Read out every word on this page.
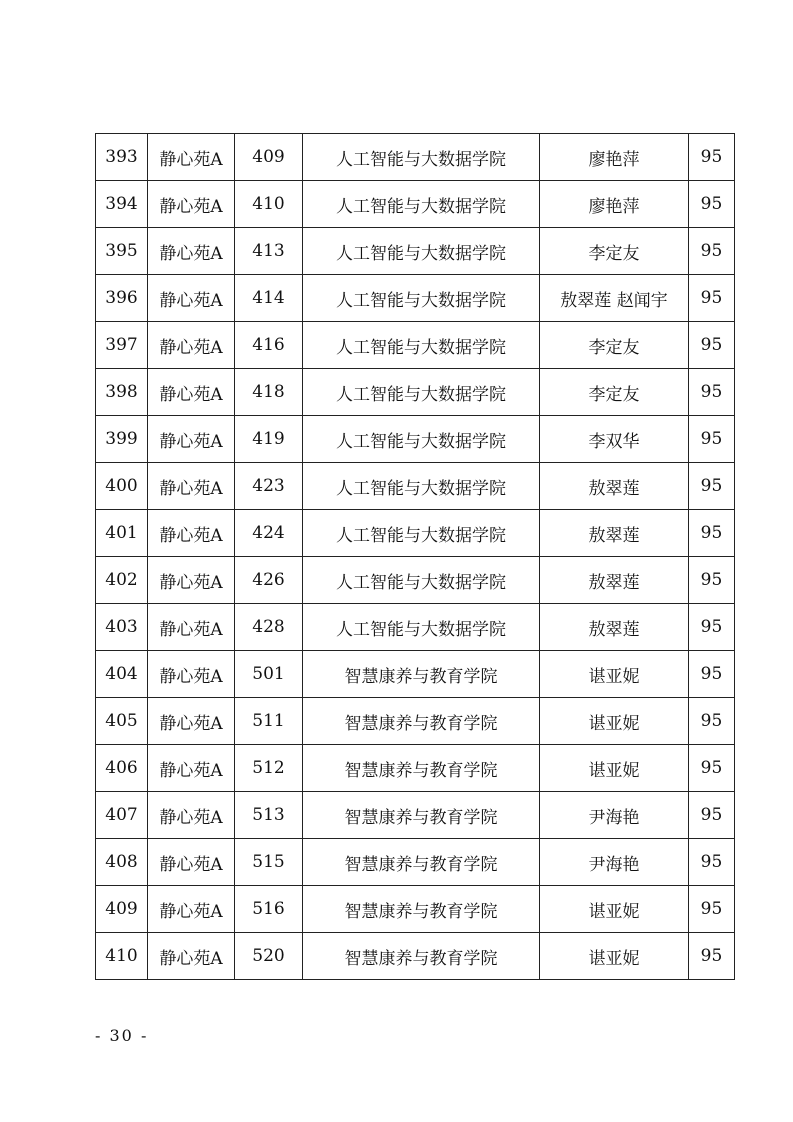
393	静心苑A	409	人工智能与大数据学院	廖艳萍	95
394	静心苑A	410	人工智能与大数据学院	廖艳萍	95
395	静心苑A	413	人工智能与大数据学院	李定友	95
396	静心苑A	414	人工智能与大数据学院	敖翠莲 赵闻宇	95
397	静心苑A	416	人工智能与大数据学院	李定友	95
398	静心苑A	418	人工智能与大数据学院	李定友	95
399	静心苑A	419	人工智能与大数据学院	李双华	95
400	静心苑A	423	人工智能与大数据学院	敖翠莲	95
401	静心苑A	424	人工智能与大数据学院	敖翠莲	95
402	静心苑A	426	人工智能与大数据学院	敖翠莲	95
403	静心苑A	428	人工智能与大数据学院	敖翠莲	95
404	静心苑A	501	智慧康养与教育学院	谌亚妮	95
405	静心苑A	511	智慧康养与教育学院	谌亚妮	95
406	静心苑A	512	智慧康养与教育学院	谌亚妮	95
407	静心苑A	513	智慧康养与教育学院	尹海艳	95
408	静心苑A	515	智慧康养与教育学院	尹海艳	95
409	静心苑A	516	智慧康养与教育学院	谌亚妮	95
410	静心苑A	520	智慧康养与教育学院	谌亚妮	95
- 30 -
